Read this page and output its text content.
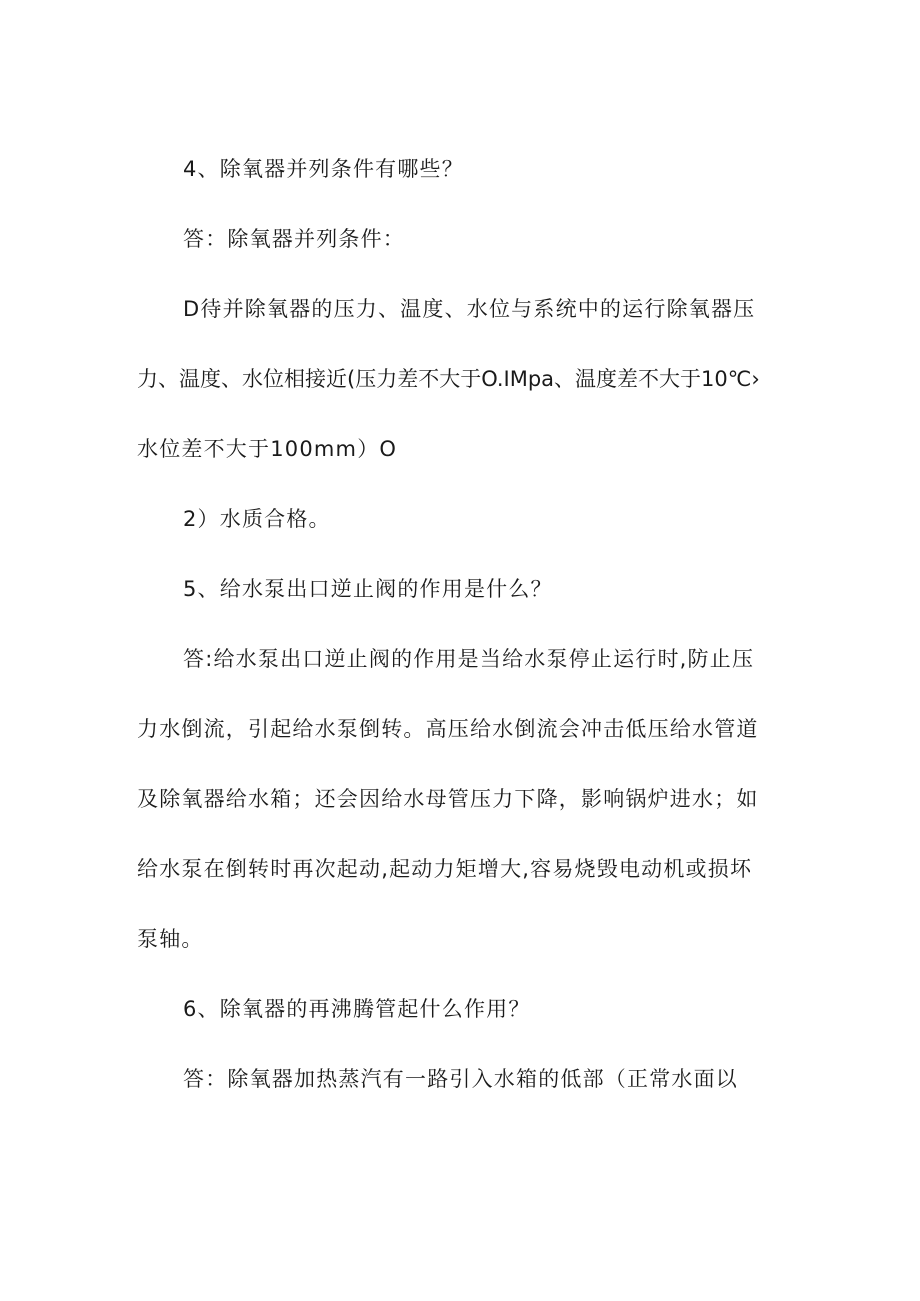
4、除氧器并列条件有哪些？
答：除氧器并列条件：
D待并除氧器的压力、温度、水位与系统中的运行除氧器压
力、温度、水位相接近(压力差不大于O.IMpa、温度差不大于10℃›
水位差不大于100mm）O
2）水质合格。
5、给水泵出口逆止阀的作用是什么？
答:给水泵出口逆止阀的作用是当给水泵停止运行时,防止压
力水倒流，引起给水泵倒转。高压给水倒流会冲击低压给水管道
及除氧器给水箱；还会因给水母管压力下降，影响锅炉进水；如
给水泵在倒转时再次起动,起动力矩增大,容易烧毁电动机或损坏
泵轴。
6、除氧器的再沸腾管起什么作用？
答：除氧器加热蒸汽有一路引入水箱的低部（正常水面以
